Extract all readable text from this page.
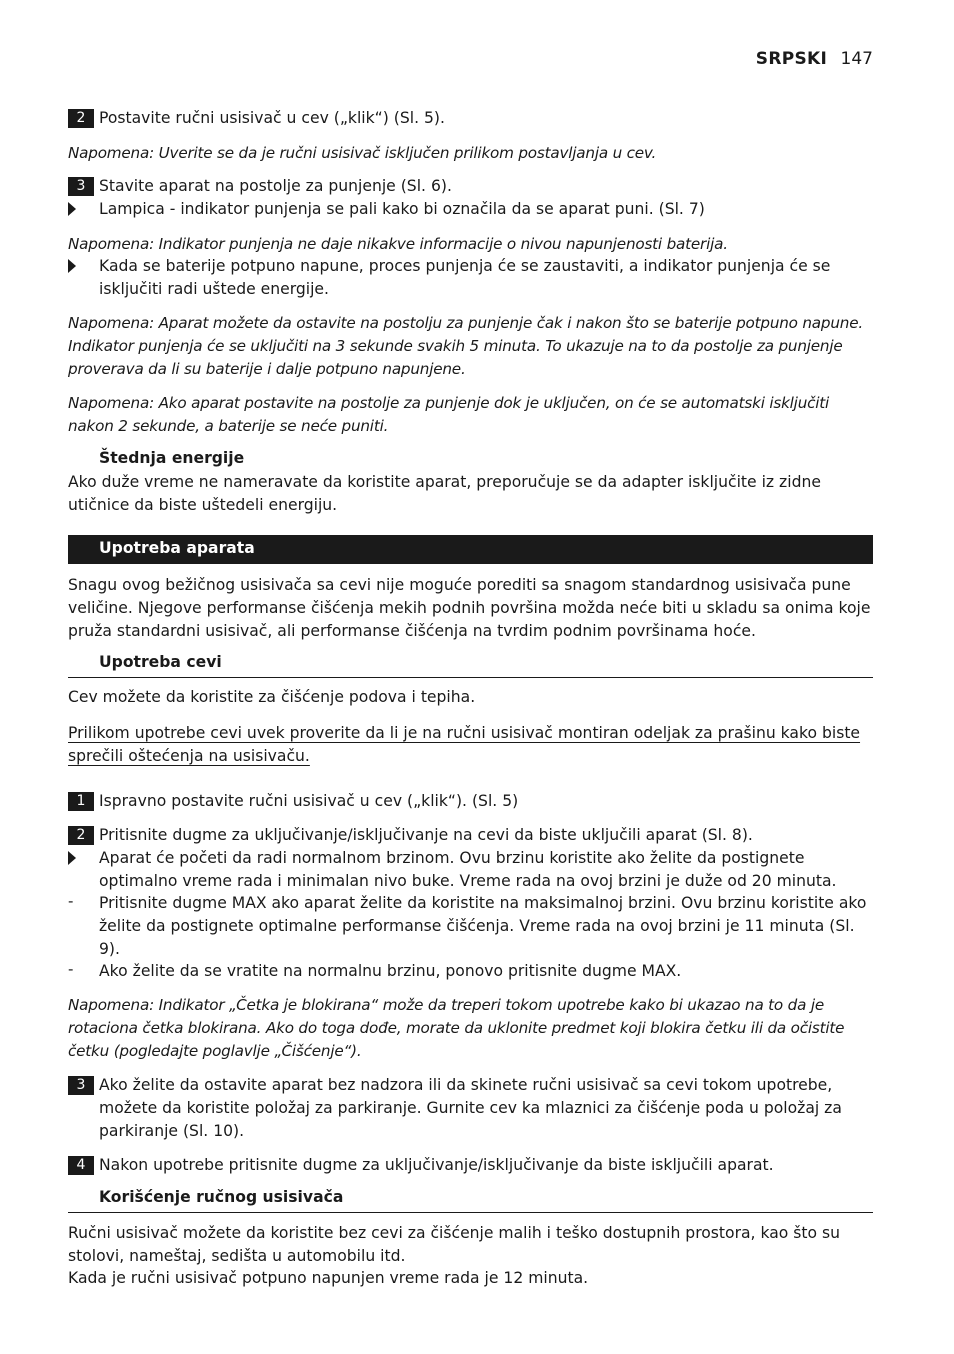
SRPSKI 147
2 Postavite ručni usisivač u cev („klik“) (Sl. 5).
Napomena: Uverite se da je ručni usisivač isključen prilikom postavljanja u cev.
3 Stavite aparat na postolje za punjenje (Sl. 6).
Lampica - indikator punjenja se pali kako bi označila da se aparat puni. (Sl. 7)
Napomena: Indikator punjenja ne daje nikakve informacije o nivou napunjenosti baterija.
Kada se baterije potpuno napune, proces punjenja će se zaustaviti, a indikator punjenja će se isključiti radi uštede energije.
Napomena: Aparat možete da ostavite na postolju za punjenje čak i nakon što se baterije potpuno napune. Indikator punjenja će se uključiti na 3 sekunde svakih 5 minuta. To ukazuje na to da postolje za punjenje proverava da li su baterije i dalje potpuno napunjene.
Napomena: Ako aparat postavite na postolje za punjenje dok je uključen, on će se automatski isključiti nakon 2 sekunde, a baterije se neće puniti.
Štednja energije
Ako duže vreme ne nameravate da koristite aparat, preporučuje se da adapter isključite iz zidne utičnice da biste uštedeli energiju.
Upotreba aparata
Snagu ovog bežičnog usisivača sa cevi nije moguće porediti sa snagom standardnog usisivača pune veličine. Njegove performanse čišćenja mekih podnih površina možda neće biti u skladu sa onima koje pruža standardni usisivač, ali performanse čišćenja na tvrdim podnim površinama hoće.
Upotreba cevi
Cev možete da koristite za čišćenje podova i tepiha.
Prilikom upotrebe cevi uvek proverite da li je na ručni usisivač montiran odeljak za prašinu kako biste sprečili oštećenja na usisivaču.
1 Ispravno postavite ručni usisivač u cev („klik“). (Sl. 5)
2 Pritisnite dugme za uključivanje/isključivanje na cevi da biste uključili aparat (Sl. 8).
Aparat će početi da radi normalnom brzinom. Ovu brzinu koristite ako želite da postignete optimalno vreme rada i minimalan nivo buke. Vreme rada na ovoj brzini je duže od 20 minuta.
- Pritisnite dugme MAX ako aparat želite da koristite na maksimalnoj brzini. Ovu brzinu koristite ako želite da postignete optimalne performanse čišćenja. Vreme rada na ovoj brzini je 11 minuta (Sl. 9).
- Ako želite da se vratite na normalnu brzinu, ponovo pritisnite dugme MAX.
Napomena: Indikator „Četka je blokirana“ može da treperi tokom upotrebe kako bi ukazao na to da je rotaciona četka blokirana. Ako do toga dođe, morate da uklonite predmet koji blokira četku ili da očistite četku (pogledajte poglavlje „Čišćenje“).
3 Ako želite da ostavite aparat bez nadzora ili da skinete ručni usisivač sa cevi tokom upotrebe, možete da koristite položaj za parkiranje. Gurnite cev ka mlaznici za čišćenje poda u položaj za parkiranje (Sl. 10).
4 Nakon upotrebe pritisnite dugme za uključivanje/isključivanje da biste isključili aparat.
Korišćenje ručnog usisivača
Ručni usisivač možete da koristite bez cevi za čišćenje malih i teško dostupnih prostora, kao što su stolovi, nameštaj, sedišta u automobilu itd.
Kada je ručni usisivač potpuno napunjen vreme rada je 12 minuta.
